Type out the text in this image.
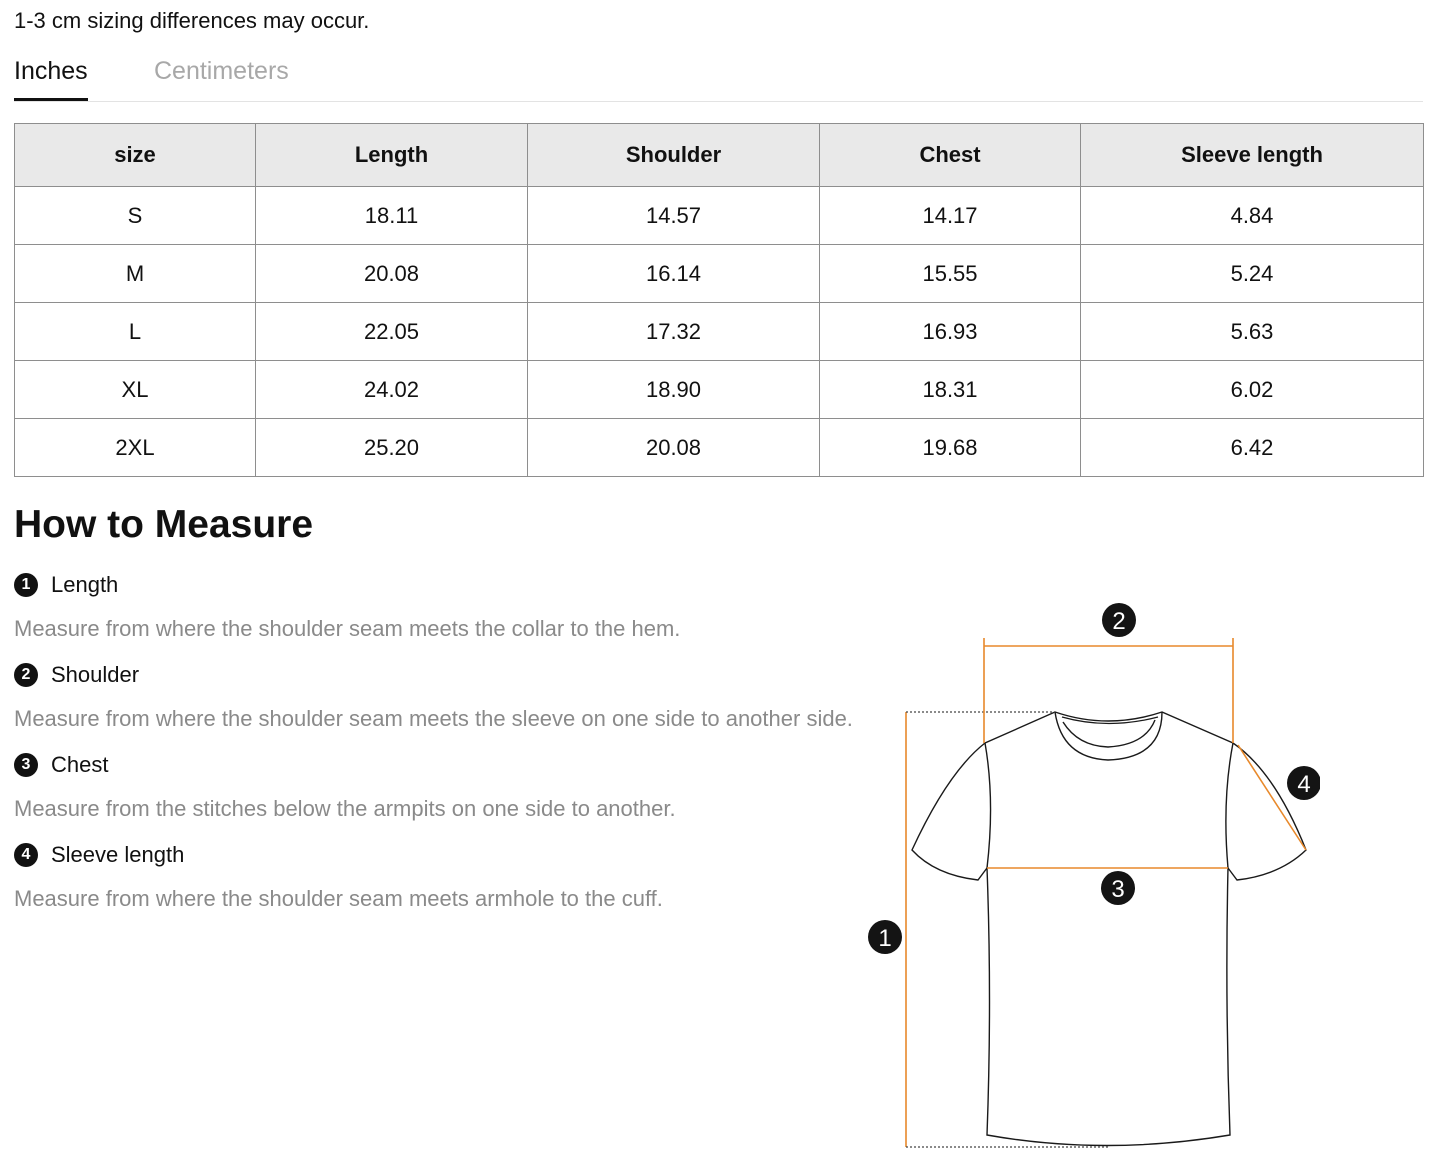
1-3 cm sizing differences may occur.
Inches	Centimeters
size	Length	Shoulder	Chest	Sleeve length
S	18.11	14.57	14.17	4.84
M	20.08	16.14	15.55	5.24
L	22.05	17.32	16.93	5.63
XL	24.02	18.90	18.31	6.02
2XL	25.20	20.08	19.68	6.42
How to Measure
1 Length
Measure from where the shoulder seam meets the collar to the hem.
2 Shoulder
Measure from where the shoulder seam meets the sleeve on one side to another side.
3 Chest
Measure from the stitches below the armpits on one side to another.
4 Sleeve length
Measure from where the shoulder seam meets armhole to the cuff.
1
2
3
4
